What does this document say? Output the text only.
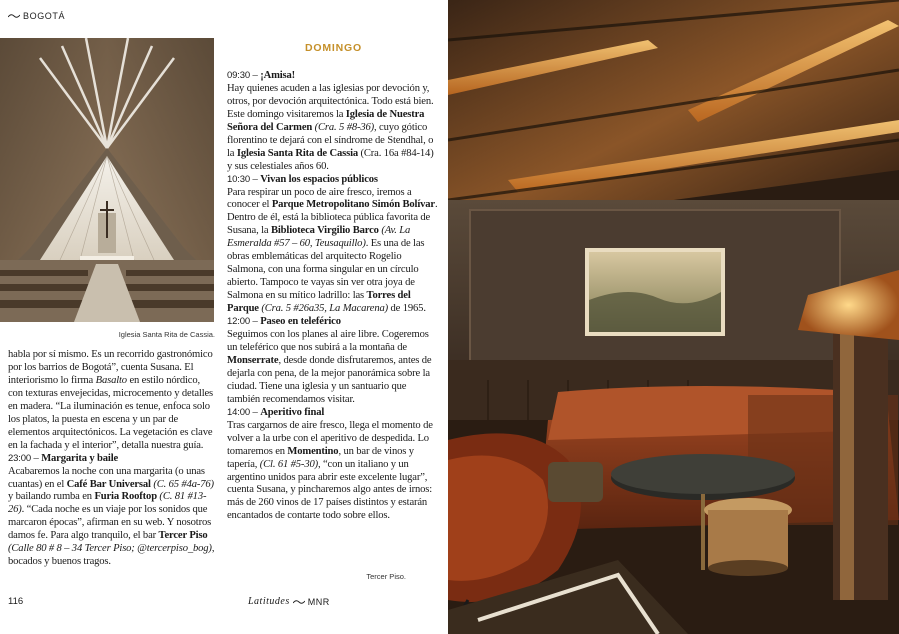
BOGOTÁ
Iglesia Santa Rita de Cassia.

habla por sí mismo. Es un recorrido gastronómico por los barrios de Bogotá”, cuenta Susana. El interiorismo lo firma Basalto en estilo nórdico, con texturas envejecidas, microcemento y detalles en madera. “La iluminación es tenue, enfoca solo los platos, la puesta en escena y un par de elementos arquitectónicos. La vegetación es clave en la fachada y el interior”, detalla nuestra guía.

23:00 – Margarita y baile
Acabaremos la noche con una margarita (o unas cuantas) en el Café Bar Universal (C. 65 #4a-76) y bailando rumba en Furia Rooftop (C. 81 #13-26). “Cada noche es un viaje por los sonidos que marcaron épocas”, afirman en su web. Y nosotros damos fe. Para algo tranquilo, el bar Tercer Piso (Calle 80 # 8 – 34 Tercer Piso; @tercerpiso_bog), bocados y buenos tragos.

DOMINGO

09:30 – ¡Amisa!
Hay quienes acuden a las iglesias por devoción y, otros, por devoción arquitectónica. Todo está bien. Este domingo visitaremos la Iglesia de Nuestra Señora del Carmen (Cra. 5 #8-36), cuyo gótico florentino te dejará con el síndrome de Stendhal, o la Iglesia Santa Rita de Cassia (Cra. 16a #84-14) y sus celestiales años 60.

10:30 – Vivan los espacios públicos
Para respirar un poco de aire fresco, iremos a conocer el Parque Metropolitano Simón Bolívar. Dentro de él, está la biblioteca pública favorita de Susana, la Biblioteca Virgilio Barco (Av. La Esmeralda #57 – 60, Teusaquillo). Es una de las obras emblemáticas del arquitecto Rogelio Salmona, con una forma singular en un círculo abierto. Tampoco te vayas sin ver otra joya de Salmona en su mítico ladrillo: las Torres del Parque (Cra. 5 #26a35, La Macarena) de 1965.

12:00 – Paseo en teleférico
Seguimos con los planes al aire libre. Cogeremos un teleférico que nos subirá a la montaña de Monserrate, desde donde disfrutaremos, antes de dejarla con pena, de la mejor panorámica sobre la ciudad. Tiene una iglesia y un santuario que también recomendamos visitar.

14:00 – Aperitivo final
Tras cargarnos de aire fresco, llega el momento de volver a la urbe con el aperitivo de despedida. Lo tomaremos en Momentino, un bar de vinos y tapería, (Cl. 61 #5-30), “con un italiano y un argentino unidos para abrir este excelente lugar”, cuenta Susana, y pincharemos algo antes de irnos: más de 260 vinos de 17 países distintos y estarán encantados de contarte todo sobre ellos.

Tercer Piso.
116	Latitudes MNR
